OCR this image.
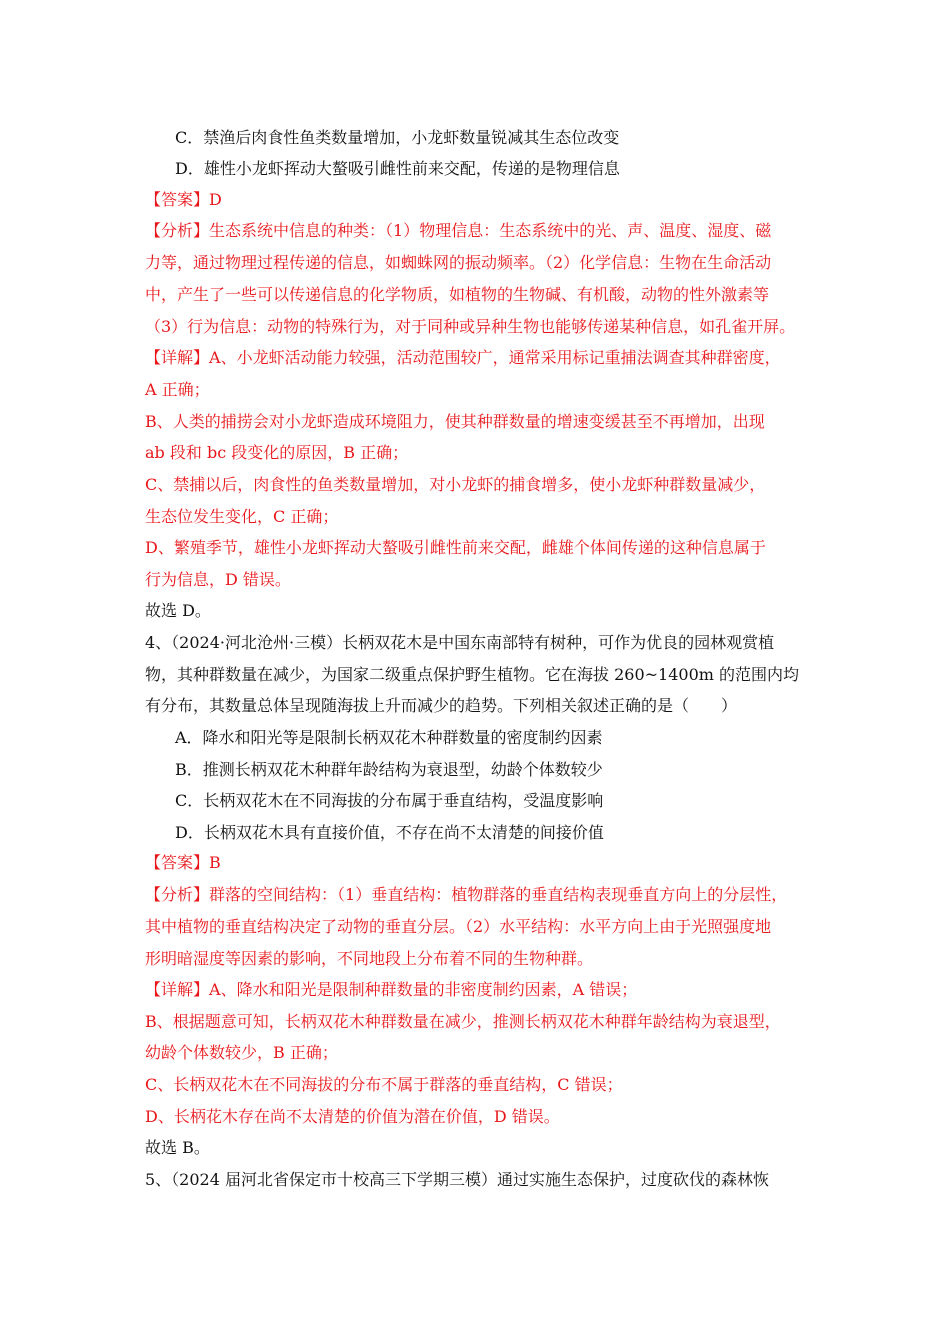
C．禁渔后肉食性鱼类数量增加，小龙虾数量锐减其生态位改变
D．雄性小龙虾挥动大螯吸引雌性前来交配，传递的是物理信息
【答案】D
【分析】生态系统中信息的种类：（1）物理信息：生态系统中的光、声、温度、湿度、磁
力等，通过物理过程传递的信息，如蜘蛛网的振动频率。（2）化学信息：生物在生命活动
中，产生了一些可以传递信息的化学物质，如植物的生物碱、有机酸，动物的性外激素等
（3）行为信息：动物的特殊行为，对于同种或异种生物也能够传递某种信息，如孔雀开屏。
【详解】A、小龙虾活动能力较强，活动范围较广，通常采用标记重捕法调查其种群密度，
A 正确；
B、人类的捕捞会对小龙虾造成环境阻力，使其种群数量的增速变缓甚至不再增加，出现
ab 段和 bc 段变化的原因，B 正确；
C、禁捕以后，肉食性的鱼类数量增加，对小龙虾的捕食增多，使小龙虾种群数量减少，
生态位发生变化，C 正确；
D、繁殖季节，雄性小龙虾挥动大螯吸引雌性前来交配，雌雄个体间传递的这种信息属于
行为信息，D 错误。
故选 D。
4、（2024·河北沧州·三模）长柄双花木是中国东南部特有树种，可作为优良的园林观赏植
物，其种群数量在减少，为国家二级重点保护野生植物。它在海拔 260~1400m 的范围内均
有分布，其数量总体呈现随海拔上升而减少的趋势。下列相关叙述正确的是（　　）
A．降水和阳光等是限制长柄双花木种群数量的密度制约因素
B．推测长柄双花木种群年龄结构为衰退型，幼龄个体数较少
C．长柄双花木在不同海拔的分布属于垂直结构，受温度影响
D．长柄双花木具有直接价值，不存在尚不太清楚的间接价值
【答案】B
【分析】群落的空间结构：（1）垂直结构：植物群落的垂直结构表现垂直方向上的分层性，
其中植物的垂直结构决定了动物的垂直分层。（2）水平结构：水平方向上由于光照强度地
形明暗湿度等因素的影响，不同地段上分布着不同的生物种群。
【详解】A、降水和阳光是限制种群数量的非密度制约因素，A 错误；
B、根据题意可知，长柄双花木种群数量在减少，推测长柄双花木种群年龄结构为衰退型，
幼龄个体数较少，B 正确；
C、长柄双花木在不同海拔的分布不属于群落的垂直结构，C 错误；
D、长柄花木存在尚不太清楚的价值为潜在价值，D 错误。
故选 B。
5、（2024 届河北省保定市十校高三下学期三模）通过实施生态保护，过度砍伐的森林恢
